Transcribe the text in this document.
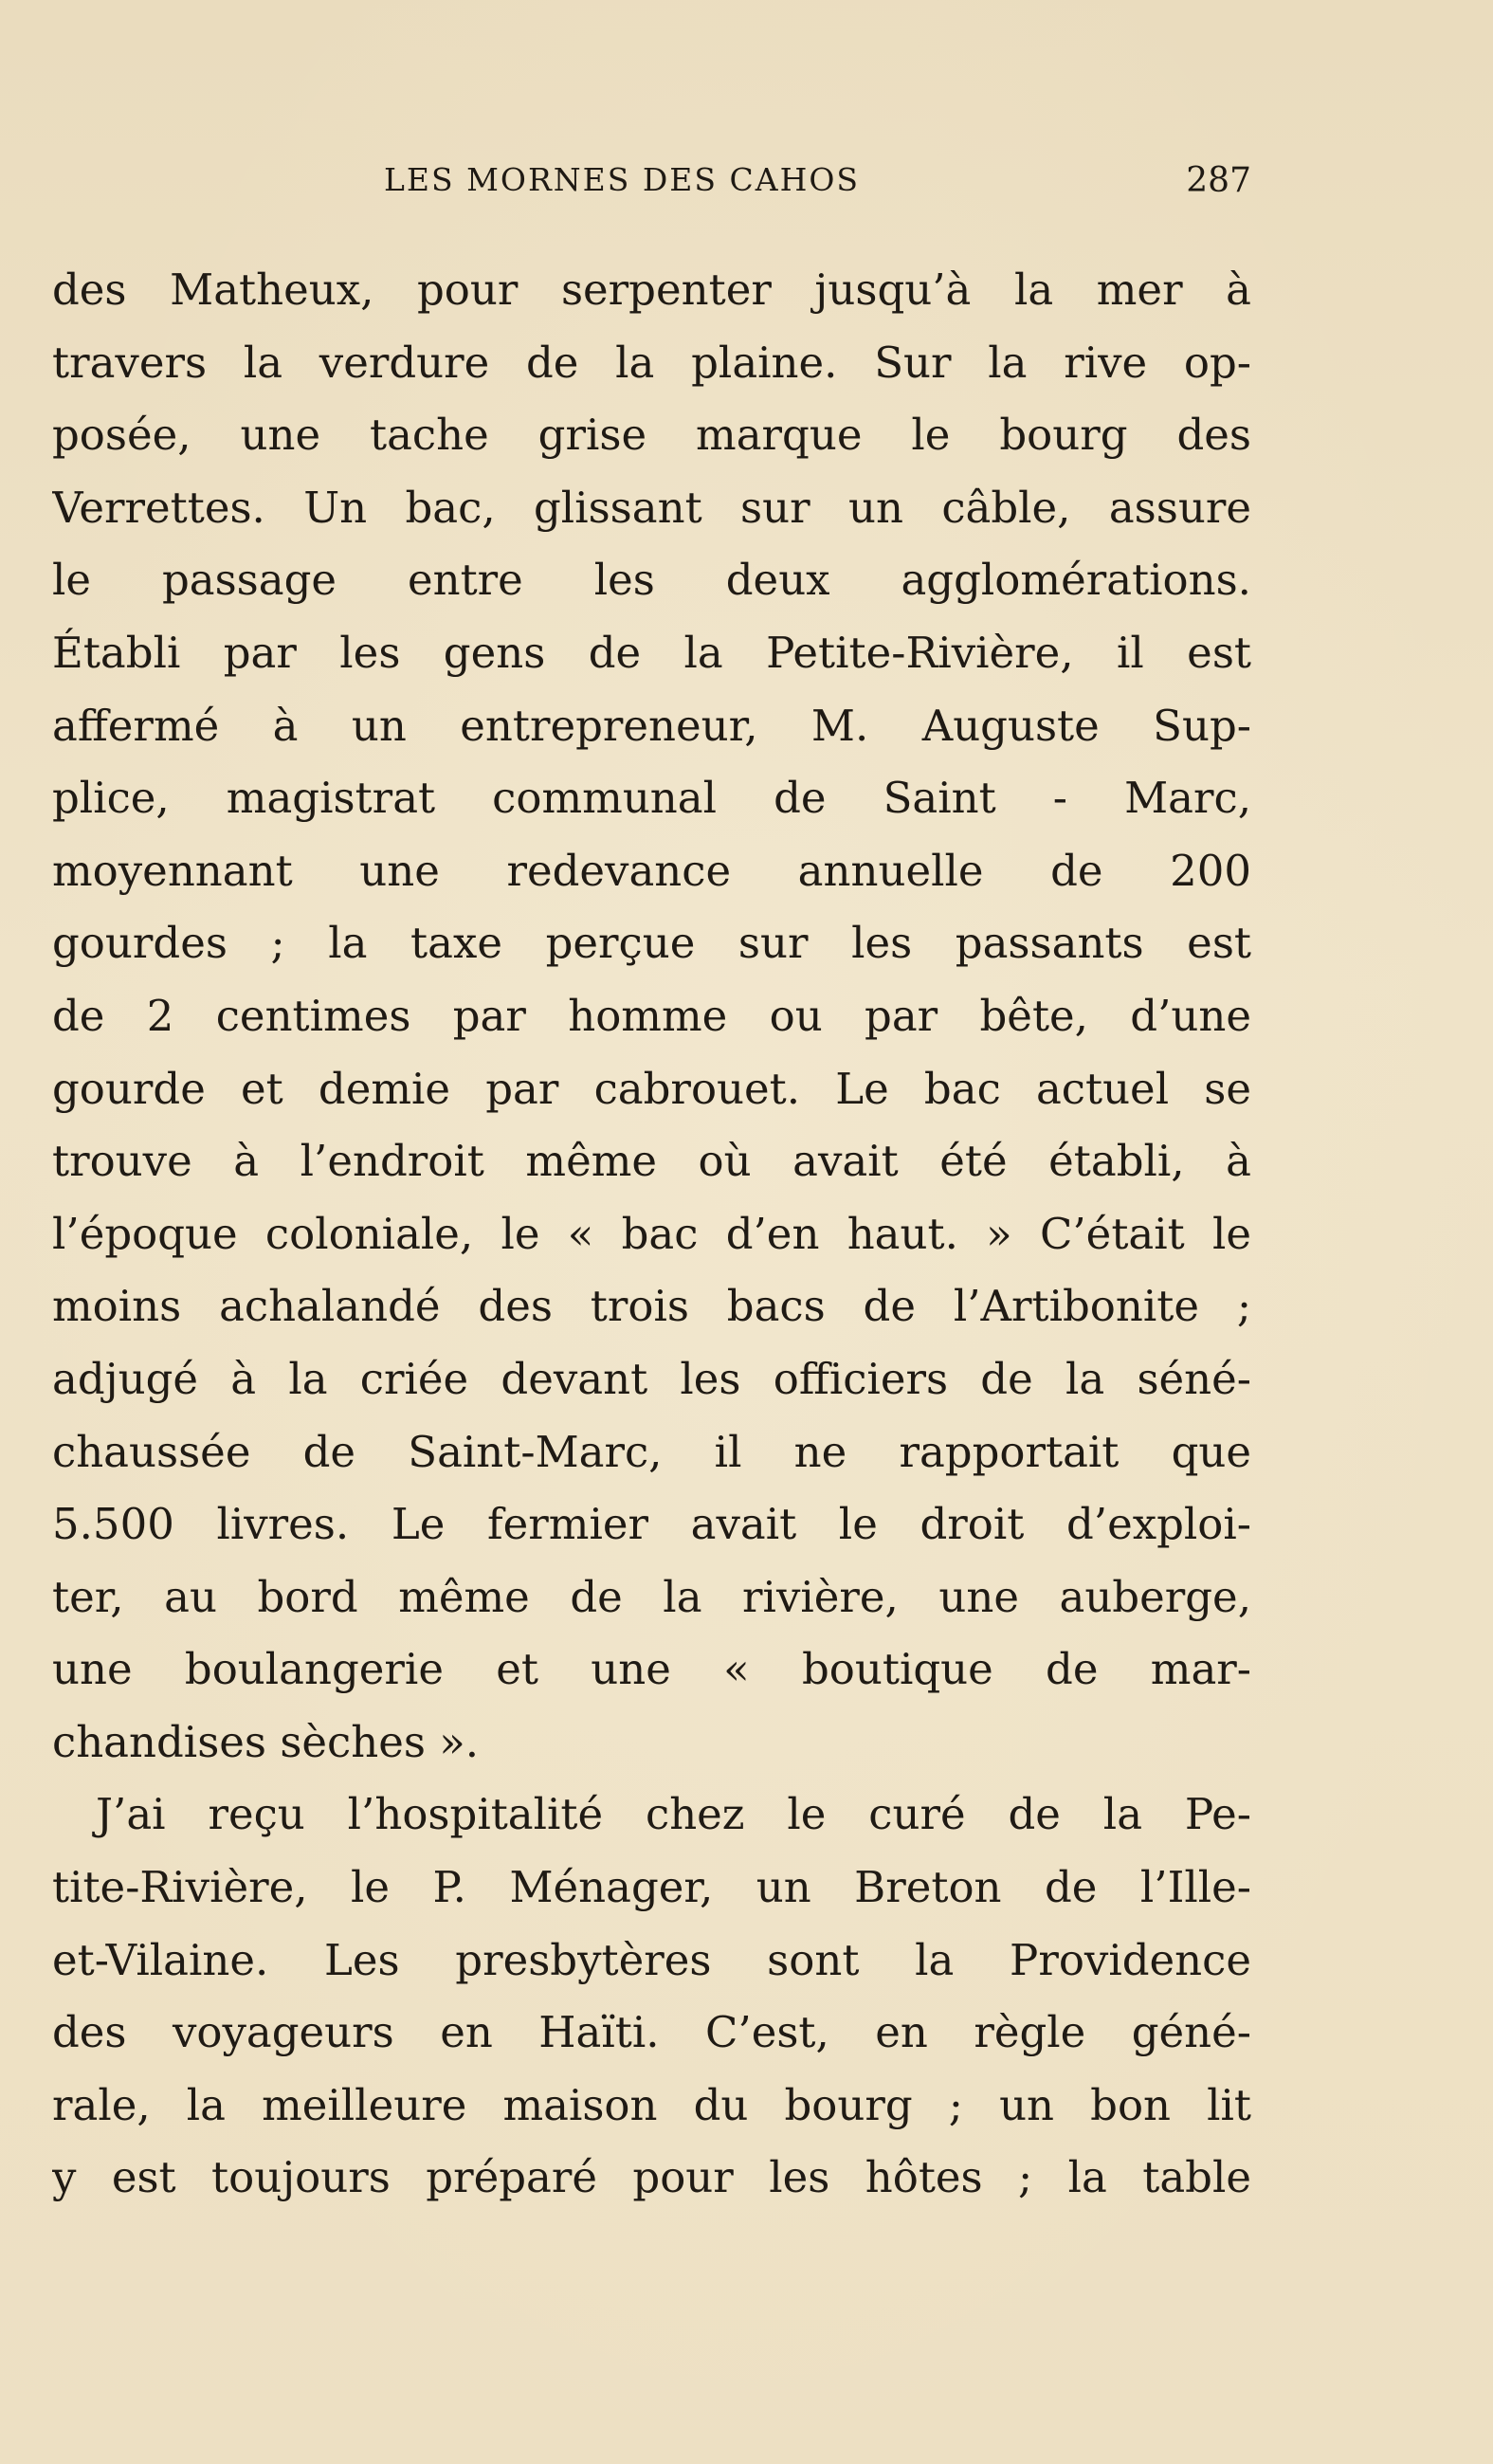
LES MORNES DES CAHOS	287
des Matheux, pour serpenter jusqu’à la mer à
travers la verdure de la plaine. Sur la rive op-
posée, une tache grise marque le bourg des
Verrettes. Un bac, glissant sur un câble, assure
le passage entre les deux agglomérations.
Établi par les gens de la Petite-Rivière, il est
affermé à un entrepreneur, M. Auguste Sup-
plice, magistrat communal de Saint - Marc,
moyennant une redevance annuelle de 200
gourdes ; la taxe perçue sur les passants est
de 2 centimes par homme ou par bête, d’une
gourde et demie par cabrouet. Le bac actuel se
trouve à l’endroit même où avait été établi, à
l’époque coloniale, le « bac d’en haut. » C’était le
moins achalandé des trois bacs de l’Artibonite ;
adjugé à la criée devant les officiers de la séné-
chaussée de Saint-Marc, il ne rapportait que
5.500 livres. Le fermier avait le droit d’exploi-
ter, au bord même de la rivière, une auberge,
une boulangerie et une « boutique de mar-
chandises sèches ».
J’ai reçu l’hospitalité chez le curé de la Pe-
tite-Rivière, le P. Ménager, un Breton de l’Ille-
et-Vilaine. Les presbytères sont la Providence
des voyageurs en Haïti. C’est, en règle géné-
rale, la meilleure maison du bourg ; un bon lit
y est toujours préparé pour les hôtes ; la table
